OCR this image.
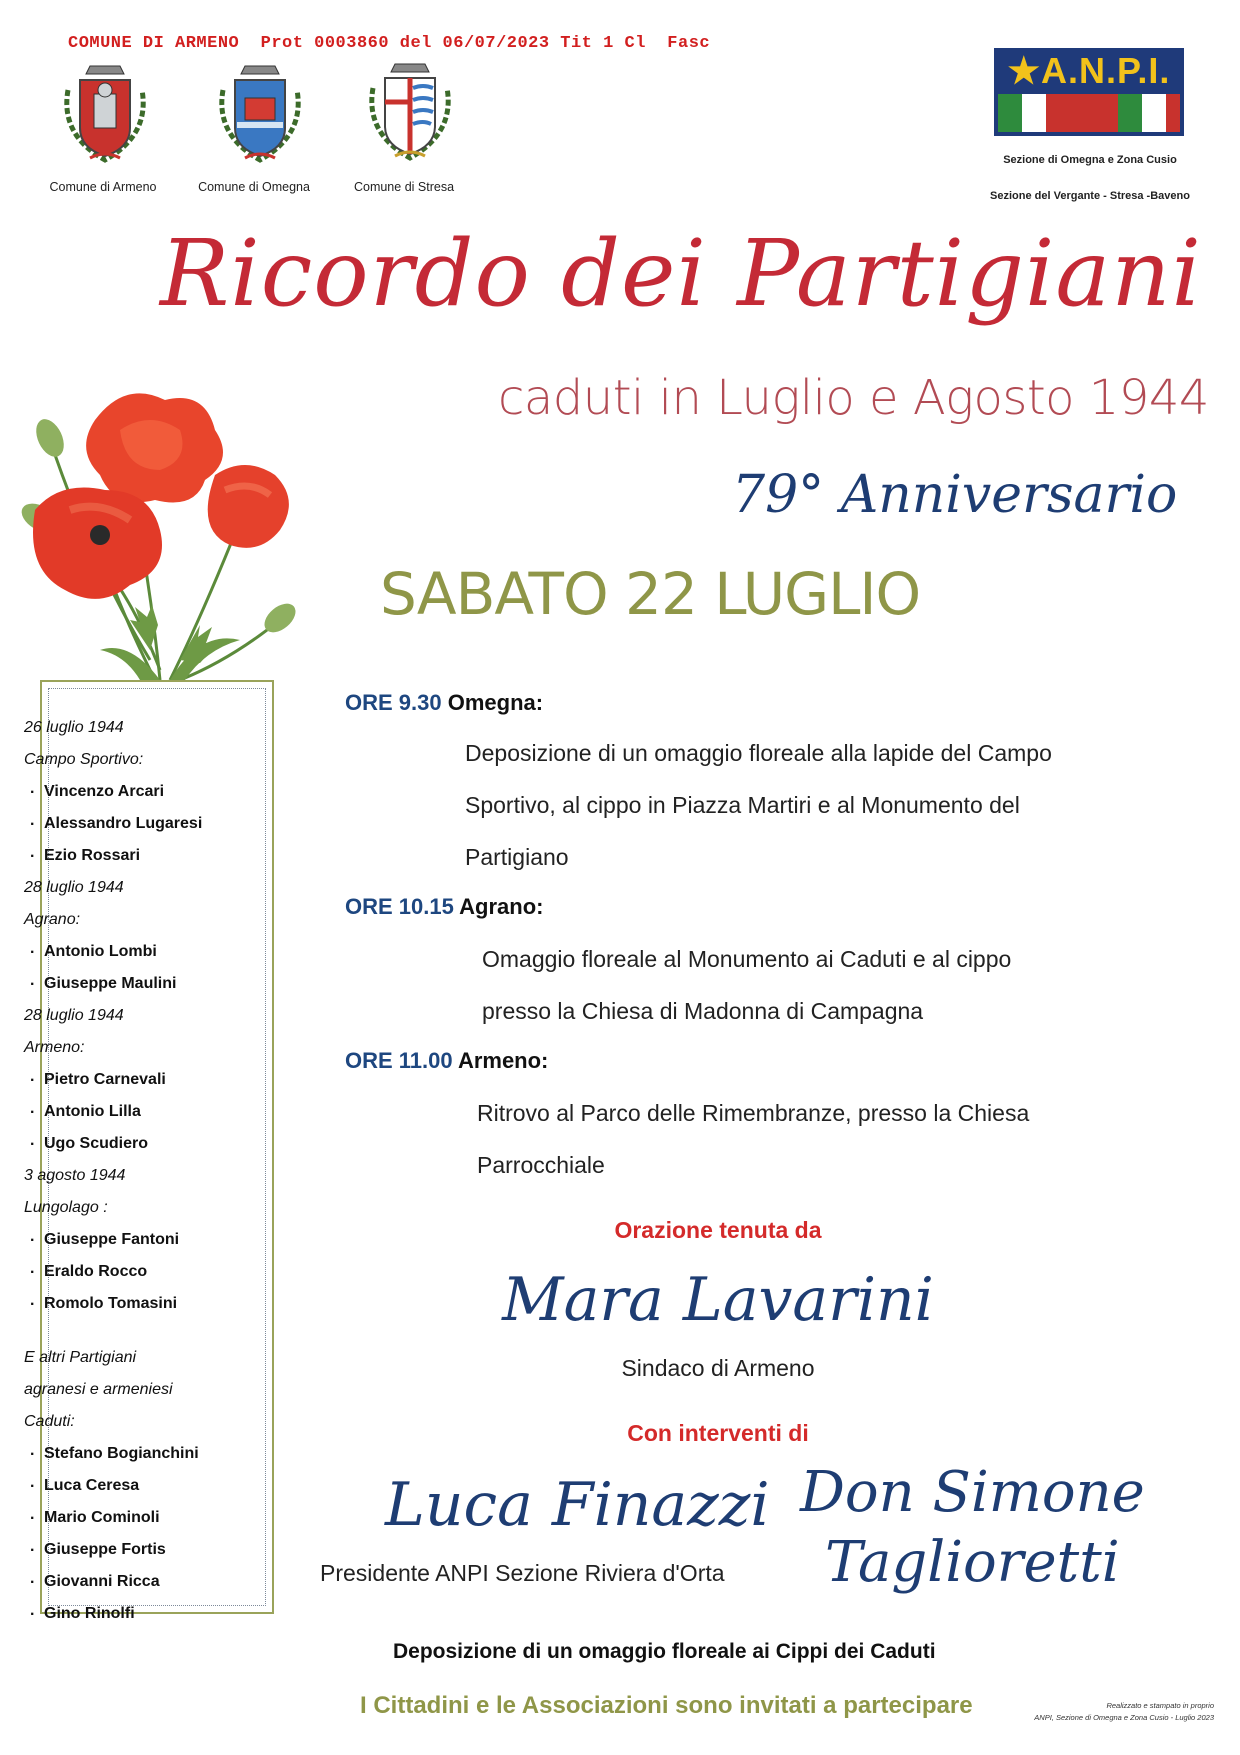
COMUNE DI ARMENO  Prot 0003860 del 06/07/2023 Tit 1 Cl  Fasc
Comune di Armeno	Comune di Omegna	Comune di Stresa
★A.N.P.I.
Sezione di Omegna e Zona Cusio
Sezione del Vergante - Stresa -Baveno
Ricordo dei Partigiani
caduti in Luglio e Agosto 1944
79° Anniversario
SABATO 22 LUGLIO
26 luglio 1944
Campo Sportivo:
. Vincenzo Arcari
. Alessandro Lugaresi
. Ezio Rossari
28 luglio 1944
Agrano:
. Antonio Lombi
. Giuseppe Maulini
28 luglio 1944
Armeno:
. Pietro Carnevali
. Antonio Lilla
. Ugo Scudiero
3 agosto 1944
Lungolago :
. Giuseppe Fantoni
. Eraldo Rocco
. Romolo Tomasini
E altri Partigiani
agranesi e armeniesi
Caduti:
. Stefano Bogianchini
. Luca Ceresa
. Mario Cominoli
. Giuseppe Fortis
. Giovanni Ricca
. Gino Rinolfi
ORE 9.30 Omegna:
Deposizione di un omaggio floreale alla lapide del Campo
Sportivo, al cippo in Piazza Martiri e al Monumento del
Partigiano
ORE 10.15 Agrano:
Omaggio floreale al Monumento ai Caduti e al cippo
presso la Chiesa di Madonna di Campagna
ORE 11.00 Armeno:
Ritrovo al Parco delle Rimembranze, presso la Chiesa
Parrocchiale
Orazione tenuta da
Mara Lavarini
Sindaco di Armeno
Con interventi di
Luca Finazzi
Presidente ANPI Sezione Riviera d'Orta
Don Simone
Taglioretti
Deposizione di un omaggio floreale ai Cippi dei Caduti
I Cittadini e le Associazioni sono invitati a partecipare	Realizzato e stampato in proprio
ANPI, Sezione di Omegna e Zona Cusio - Luglio 2023
